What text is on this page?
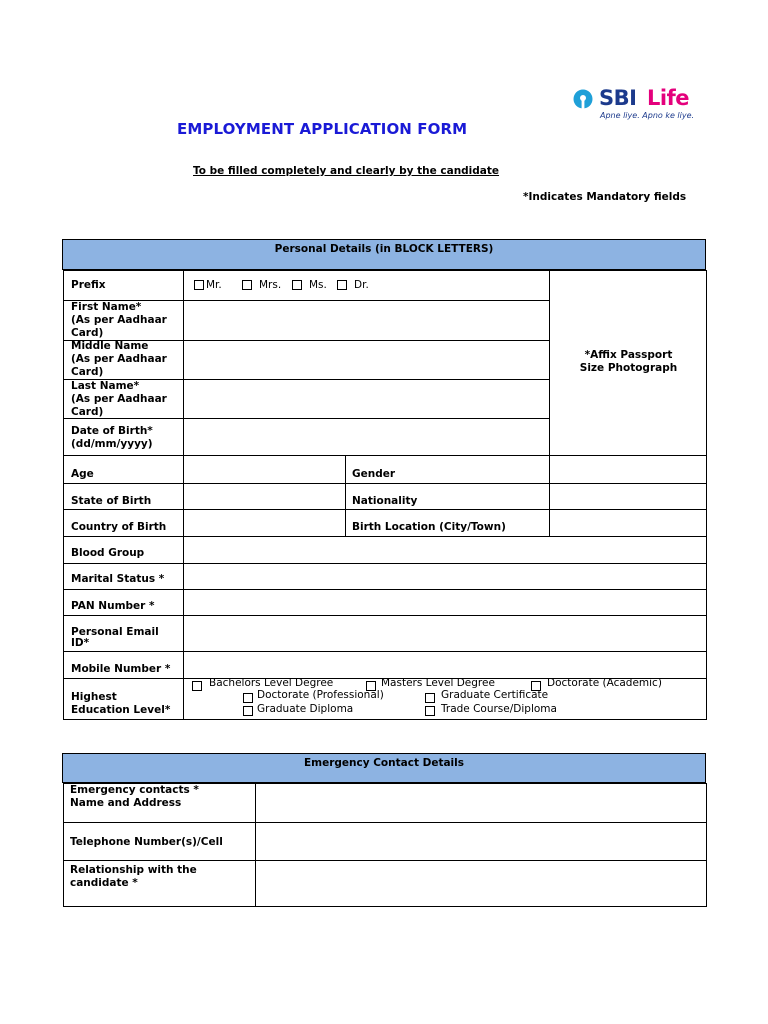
SBI Life
Apne liye. Apno ke liye.
EMPLOYMENT APPLICATION FORM
To be filled completely and clearly by the candidate
*Indicates Mandatory fields
Personal Details (in BLOCK LETTERS)
Prefix	Mr.	Mrs.	Ms.	Dr.
First Name*
(As per Aadhaar
Card)
Middle Name
(As per Aadhaar
Card)
Last Name*
(As per Aadhaar
Card)
Date of Birth*
(dd/mm/yyyy)
*Affix Passport
Size Photograph
Age	Gender
State of Birth	Nationality
Country of Birth	Birth Location (City/Town)
Blood Group
Marital Status *
PAN Number *
Personal Email
ID*
Mobile Number *
Highest
Education Level*
Bachelors Level Degree	Masters Level Degree	Doctorate (Academic)
Doctorate (Professional)	Graduate Certificate
Graduate Diploma	Trade Course/Diploma
Emergency Contact Details
Emergency contacts *
Name and Address
Telephone Number(s)/Cell
Relationship with the
candidate *
